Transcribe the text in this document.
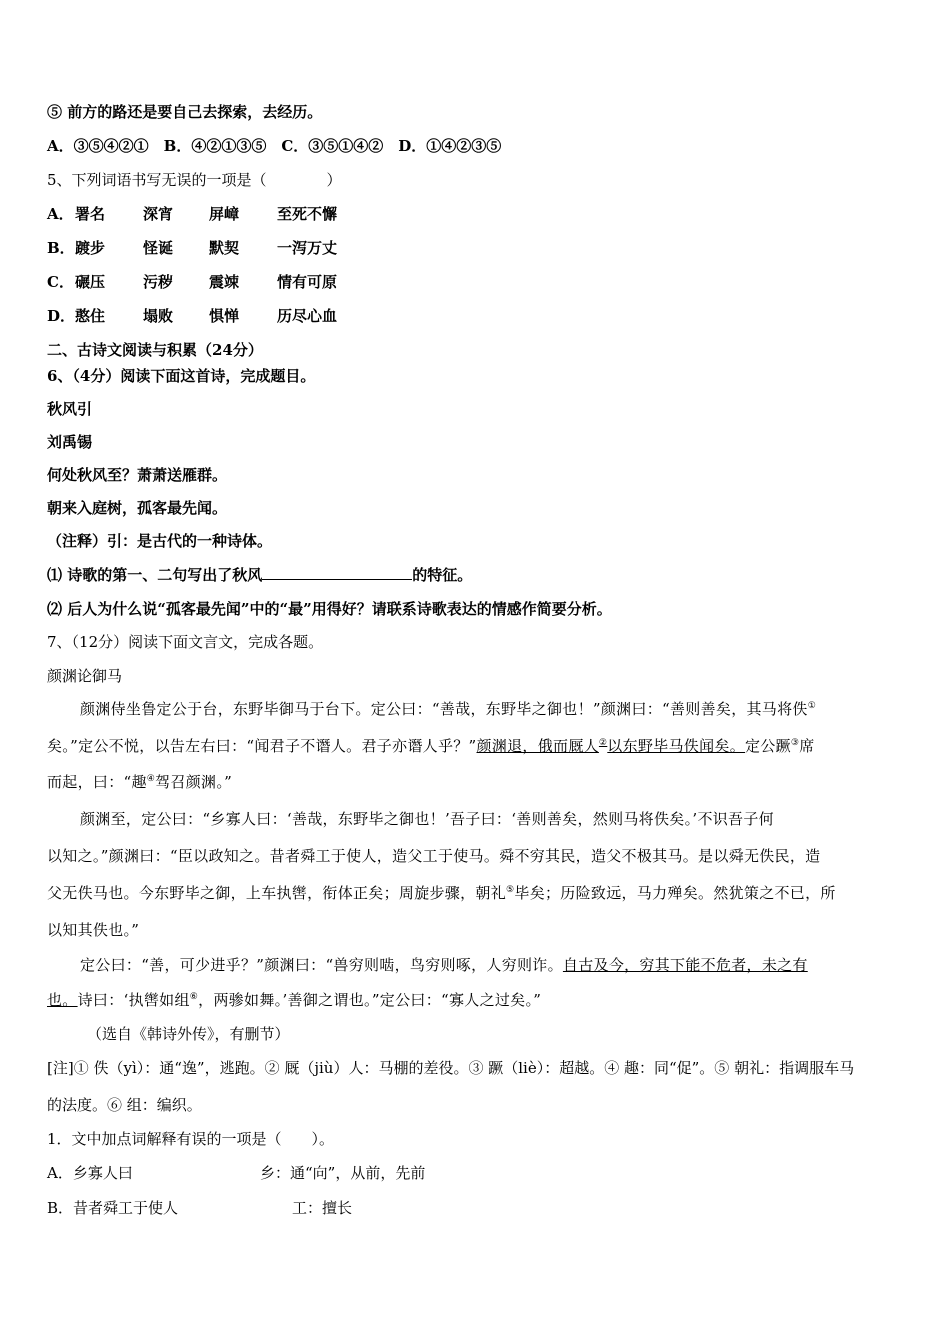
⑤ 前方的路还是要自己去探索，去经历。
A．③⑤④②①　B．④②①③⑤　C．③⑤①④②　D．①④②③⑤
5、下列词语书写无误的一项是（　　　　）
A． 署名	深宵	屏嶂	至死不懈
B． 踱步	怪诞	默契	一泻万丈
C． 碾压	污秽	震竦	情有可原
D． 憨住	塌败	惧惮	历尽心血
二、古诗文阅读与积累（24分）
6、（4分）阅读下面这首诗，完成题目。
秋风引
刘禹锡
何处秋风至？萧萧送雁群。
朝来入庭树，孤客最先闻。
（注释）引：是古代的一种诗体。
⑴ 诗歌的第一、二句写出了秋风	的特征。
⑵ 后人为什么说“孤客最先闻”中的“最”用得好？请联系诗歌表达的情感作简要分析。
7、（12分）阅读下面文言文，完成各题。
颜渊论御马
颜渊侍坐鲁定公于台，东野毕御马于台下。定公曰：“善哉，东野毕之御也！”颜渊曰：“善则善矣，其马将佚①
矣。”定公不悦，以告左右曰：“闻君子不谮人。君子亦谮人乎？”颜渊退，俄而厩人②以东野毕马佚闻矣。定公蹶③席
而起，曰：“趣④驾召颜渊。”
颜渊至，定公曰：“乡寡人曰：‘善哉，东野毕之御也！’吾子曰：‘善则善矣，然则马将佚矣。’不识吾子何
以知之。”颜渊曰：“臣以政知之。昔者舜工于使人，造父工于使马。舜不穷其民，造父不极其马。是以舜无佚民，造
父无佚马也。今东野毕之御，上车执辔，衔体正矣；周旋步骤，朝礼⑤毕矣；历险致远，马力殚矣。然犹策之不已，所
以知其佚也。”
定公曰：“善，可少进乎？”颜渊曰：“兽穷则啮，鸟穷则啄，人穷则诈。自古及今，穷其下能不危者，未之有
也。诗曰：‘执辔如组⑥，两骖如舞。’善御之谓也。”定公曰：“寡人之过矣。”
（选自《韩诗外传》，有删节）
[注]① 佚（yì）：通“逸”，逃跑。② 厩（jiù）人：马棚的差役。③ 蹶（liè）：超越。④ 趣：同“促”。⑤ 朝礼：指调服车马
的法度。⑥ 组：编织。
1．文中加点词解释有误的一项是（　　）。
A．乡寡人曰	乡：通“向”，从前，先前
B．昔者舜工于使人	工：擅长
